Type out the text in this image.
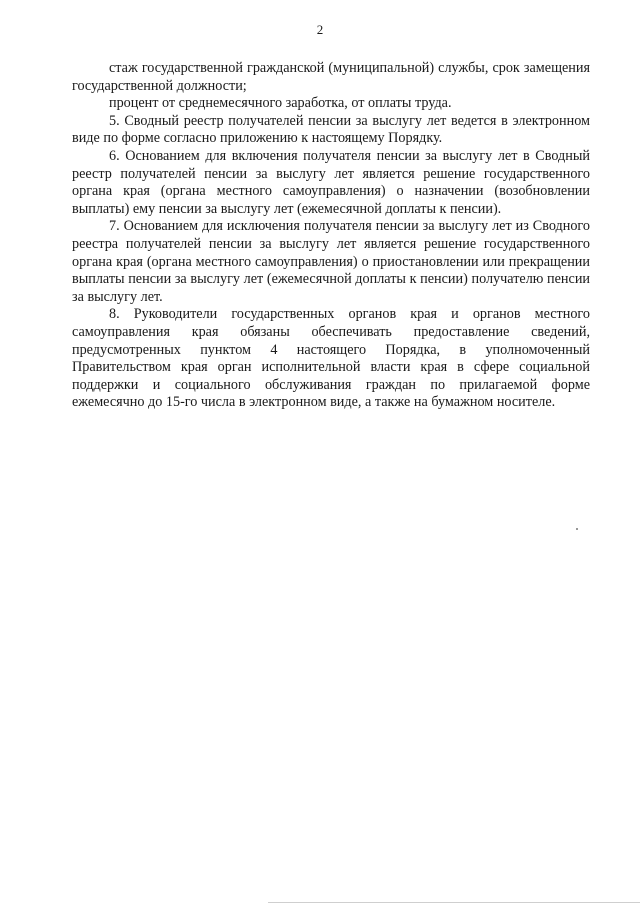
2

стаж государственной гражданской (муниципальной) службы, срок замещения государственной должности;

процент от среднемесячного заработка, от оплаты труда.

5. Сводный реестр получателей пенсии за выслугу лет ведется в электронном виде по форме согласно приложению к настоящему Порядку.

6. Основанием для включения получателя пенсии за выслугу лет в Сводный реестр получателей пенсии за выслугу лет является решение государственного органа края (органа местного самоуправления) о назначении (возобновлении выплаты) ему пенсии за выслугу лет (ежемесячной доплаты к пенсии).

7. Основанием для исключения получателя пенсии за выслугу лет из Сводного реестра получателей пенсии за выслугу лет является решение государственного органа края (органа местного самоуправления) о приостановлении или прекращении выплаты пенсии за выслугу лет (ежемесячной доплаты к пенсии) получателю пенсии за выслугу лет.

8. Руководители государственных органов края и органов местного самоуправления края обязаны обеспечивать предоставление сведений, предусмотренных пунктом 4 настоящего Порядка, в уполномоченный Правительством края орган исполнительной власти края в сфере социальной поддержки и социального обслуживания граждан по прилагаемой форме ежемесячно до 15-го числа в электронном виде, а также на бумажном носителе.
